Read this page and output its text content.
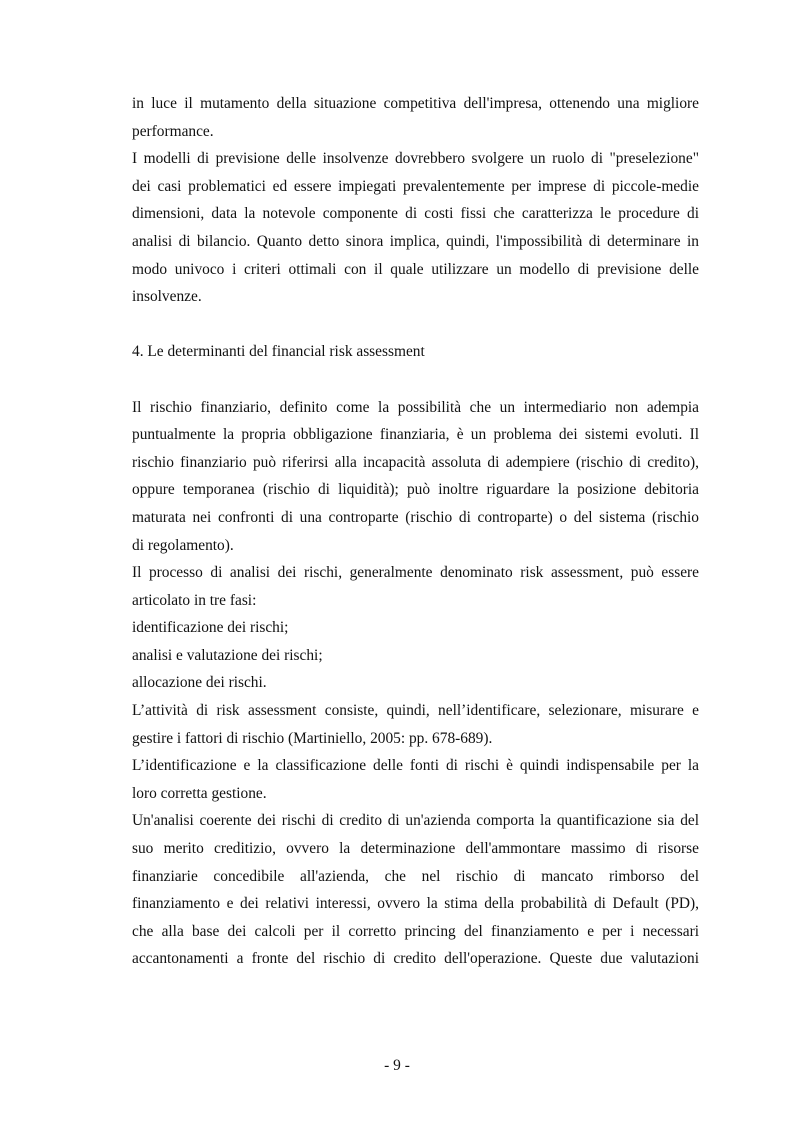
in luce il mutamento della situazione competitiva dell'impresa, ottenendo una migliore
performance.
I modelli di previsione delle insolvenze dovrebbero svolgere un ruolo di "preselezione"
dei casi problematici ed essere impiegati prevalentemente per imprese di piccole-medie
dimensioni, data la notevole componente di costi fissi che caratterizza le procedure di
analisi di bilancio. Quanto detto sinora implica, quindi, l'impossibilità di determinare in
modo univoco i criteri ottimali con il quale utilizzare un modello di previsione delle
insolvenze.
4. Le determinanti del financial risk assessment
Il rischio finanziario, definito come la possibilità che un intermediario non adempia
puntualmente la propria obbligazione finanziaria, è un problema dei sistemi evoluti. Il
rischio finanziario può riferirsi alla incapacità assoluta di adempiere (rischio di credito),
oppure temporanea (rischio di liquidità); può inoltre riguardare la posizione debitoria
maturata nei confronti di una controparte (rischio di controparte) o del sistema (rischio
di regolamento).
Il processo di analisi dei rischi, generalmente denominato risk assessment, può essere
articolato in tre fasi:
identificazione dei rischi;
analisi e valutazione dei rischi;
allocazione dei rischi.
L’attività di risk assessment consiste, quindi, nell’identificare, selezionare, misurare e
gestire i fattori di rischio (Martiniello, 2005: pp. 678-689).
L’identificazione e la classificazione delle fonti di rischi è quindi indispensabile per la
loro corretta gestione.
Un'analisi coerente dei rischi di credito di un'azienda comporta la quantificazione sia del
suo merito creditizio, ovvero la determinazione dell'ammontare massimo di risorse
finanziarie concedibile all'azienda, che nel rischio di mancato rimborso del
finanziamento e dei relativi interessi, ovvero la stima della probabilità di Default (PD),
che alla base dei calcoli per il corretto princing del finanziamento e per i necessari
accantonamenti a fronte del rischio di credito dell'operazione. Queste due valutazioni
- 9 -
